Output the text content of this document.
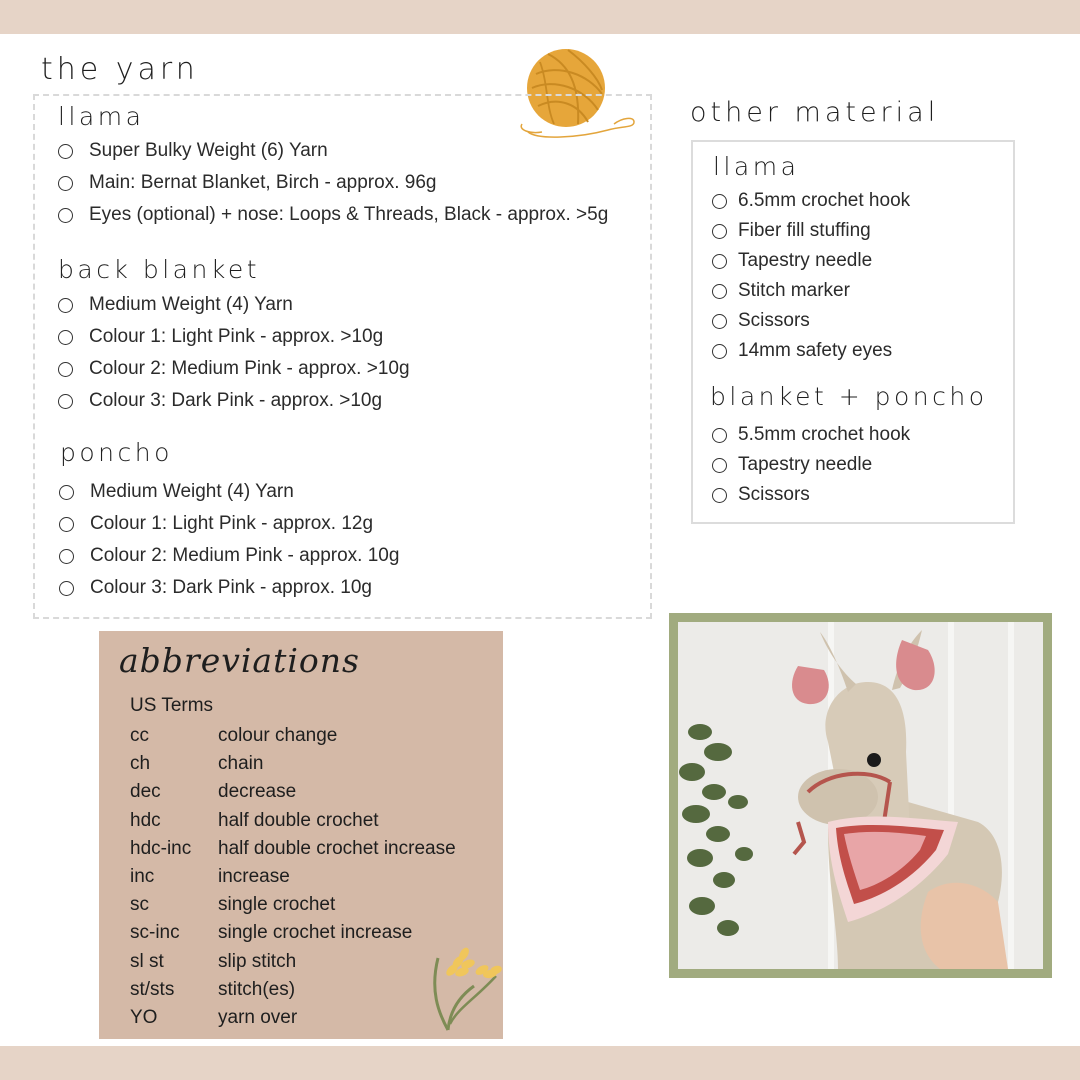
the yarn
llama
Super Bulky Weight (6) Yarn
Main: Bernat Blanket, Birch - approx. 96g
Eyes (optional) + nose: Loops & Threads, Black - approx. >5g
back blanket
Medium Weight (4) Yarn
Colour 1: Light Pink - approx. >10g
Colour 2: Medium Pink - approx. >10g
Colour 3: Dark Pink - approx. >10g
poncho
Medium Weight (4) Yarn
Colour 1: Light Pink - approx. 12g
Colour 2: Medium Pink - approx. 10g
Colour 3: Dark Pink - approx. 10g
other material
llama
6.5mm crochet hook
Fiber fill stuffing
Tapestry needle
Stitch marker
Scissors
14mm safety eyes
blanket + poncho
5.5mm crochet hook
Tapestry needle
Scissors
abbreviations
US Terms
cc	colour change
ch	chain
dec	decrease
hdc	half double crochet
hdc-inc	half double crochet increase
inc	increase
sc	single crochet
sc-inc	single crochet increase
sl st	slip stitch
st/sts	stitch(es)
YO	yarn over
